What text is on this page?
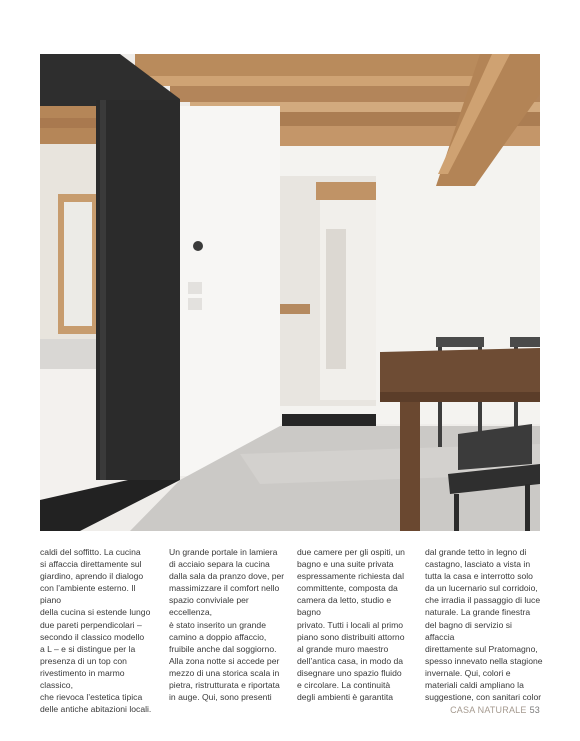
caldi del soffitto. La cucina
si affaccia direttamente sul
giardino, aprendo il dialogo
con l’ambiente esterno. Il piano
della cucina si estende lungo
due pareti perpendicolari –
secondo il classico modello
a L – e si distingue per la
presenza di un top con
rivestimento in marmo classico,
che rievoca l’estetica tipica
delle antiche abitazioni locali.
Un grande portale in lamiera
di acciaio separa la cucina
dalla sala da pranzo dove, per
massimizzare il comfort nello
spazio conviviale per eccellenza,
è stato inserito un grande
camino a doppio affaccio,
fruibile anche dal soggiorno.
Alla zona notte si accede per
mezzo di una storica scala in
pietra, ristrutturata e riportata
in auge. Qui, sono presenti
due camere per gli ospiti, un
bagno e una suite privata
espressamente richiesta dal
committente, composta da
camera da letto, studio e bagno
privato. Tutti i locali al primo
piano sono distribuiti attorno
al grande muro maestro
dell’antica casa, in modo da
disegnare uno spazio fluido
e circolare. La continuità
degli ambienti è garantita
dal grande tetto in legno di
castagno, lasciato a vista in
tutta la casa e interrotto solo
da un lucernario sul corridoio,
che irradia il passaggio di luce
naturale. La grande finestra
del bagno di servizio si affaccia
direttamente sul Pratomagno,
spesso innevato nella stagione
invernale. Qui, colori e
materiali caldi ampliano la
suggestione, con sanitari color
CASA NATURALE 53
